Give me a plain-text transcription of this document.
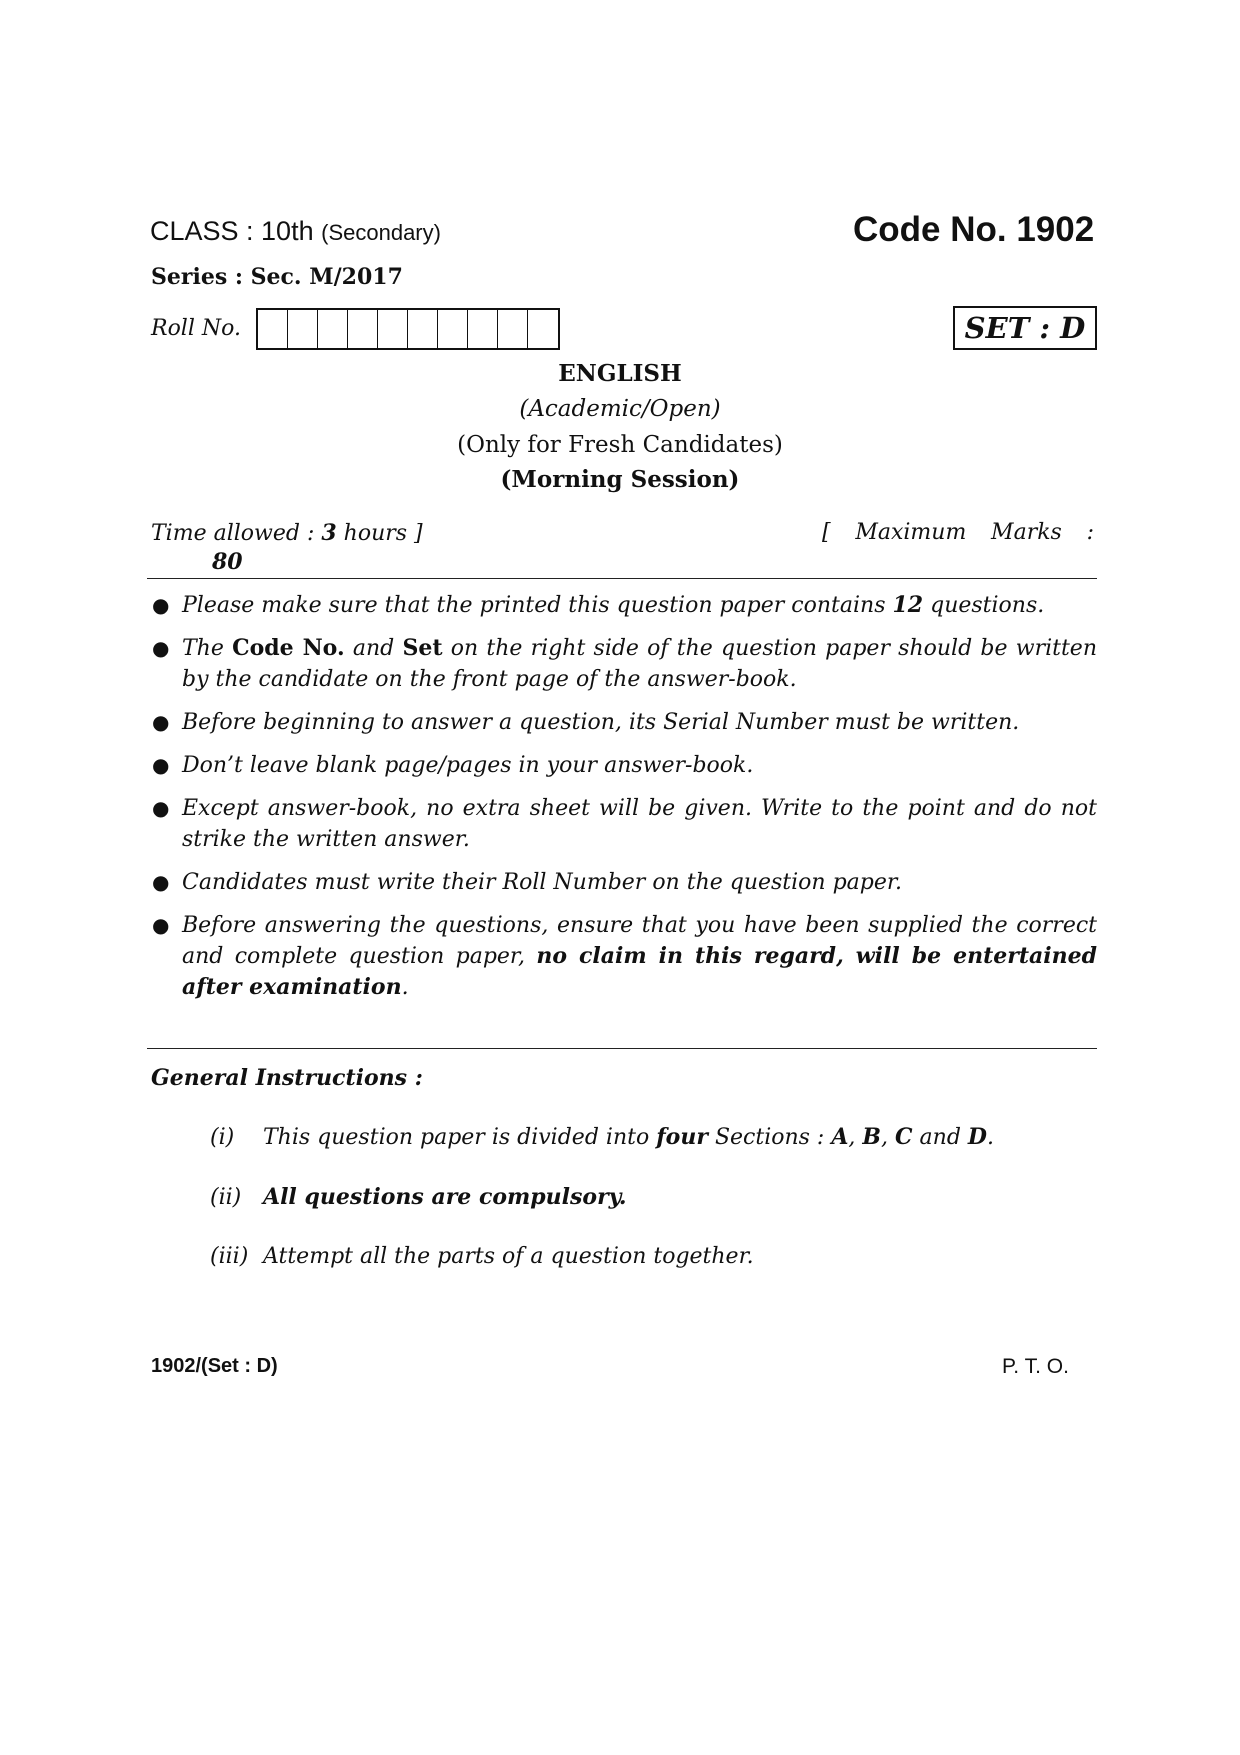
CLASS : 10th (Secondary)	Code No. 1902
Series : Sec. M/2017
Roll No.	SET : D
ENGLISH
(Academic/Open)
(Only for Fresh Candidates)
(Morning Session)
Time allowed : 3 hours ]	[ Maximum Marks :
80
● Please make sure that the printed this question paper contains 12 questions.
● The Code No. and Set on the right side of the question paper should be written by the candidate on the front page of the answer-book.
● Before beginning to answer a question, its Serial Number must be written.
● Don’t leave blank page/pages in your answer-book.
● Except answer-book, no extra sheet will be given. Write to the point and do not strike the written answer.
● Candidates must write their Roll Number on the question paper.
● Before answering the questions, ensure that you have been supplied the correct and complete question paper, no claim in this regard, will be entertained after examination.
General Instructions :
(i) This question paper is divided into four Sections : A, B, C and D.
(ii) All questions are compulsory.
(iii) Attempt all the parts of a question together.
1902/(Set : D)	P. T. O.
